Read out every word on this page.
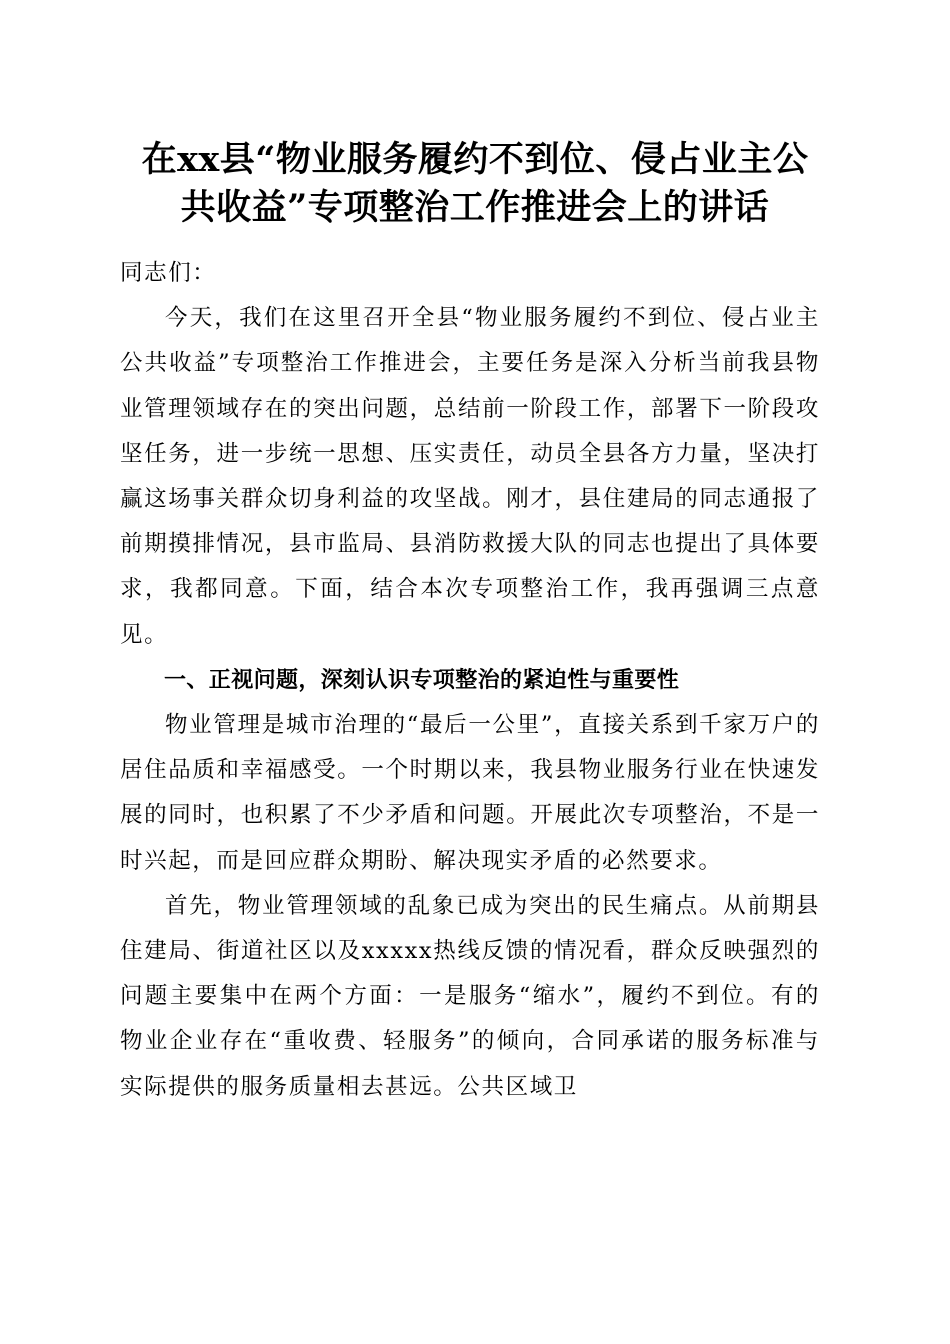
在xx县“物业服务履约不到位、侵占业主公
共收益”专项整治工作推进会上的讲话

同志们：

今天，我们在这里召开全县“物业服务履约不到位、侵占业主公共收益”专项整治工作推进会，主要任务是深入分析当前我县物业管理领域存在的突出问题，总结前一阶段工作，部署下一阶段攻坚任务，进一步统一思想、压实责任，动员全县各方力量，坚决打赢这场事关群众切身利益的攻坚战。刚才，县住建局的同志通报了前期摸排情况，县市监局、县消防救援大队的同志也提出了具体要求，我都同意。下面，结合本次专项整治工作，我再强调三点意见。

一、正视问题，深刻认识专项整治的紧迫性与重要性

物业管理是城市治理的“最后一公里”，直接关系到千家万户的居住品质和幸福感受。一个时期以来，我县物业服务行业在快速发展的同时，也积累了不少矛盾和问题。开展此次专项整治，不是一时兴起，而是回应群众期盼、解决现实矛盾的必然要求。

首先，物业管理领域的乱象已成为突出的民生痛点。从前期县住建局、街道社区以及xxxxx热线反馈的情况看，群众反映强烈的问题主要集中在两个方面：一是服务“缩水”，履约不到位。有的物业企业存在“重收费、轻服务”的倾向，合同承诺的服务标准与实际提供的服务质量相去甚远。公共区域卫
